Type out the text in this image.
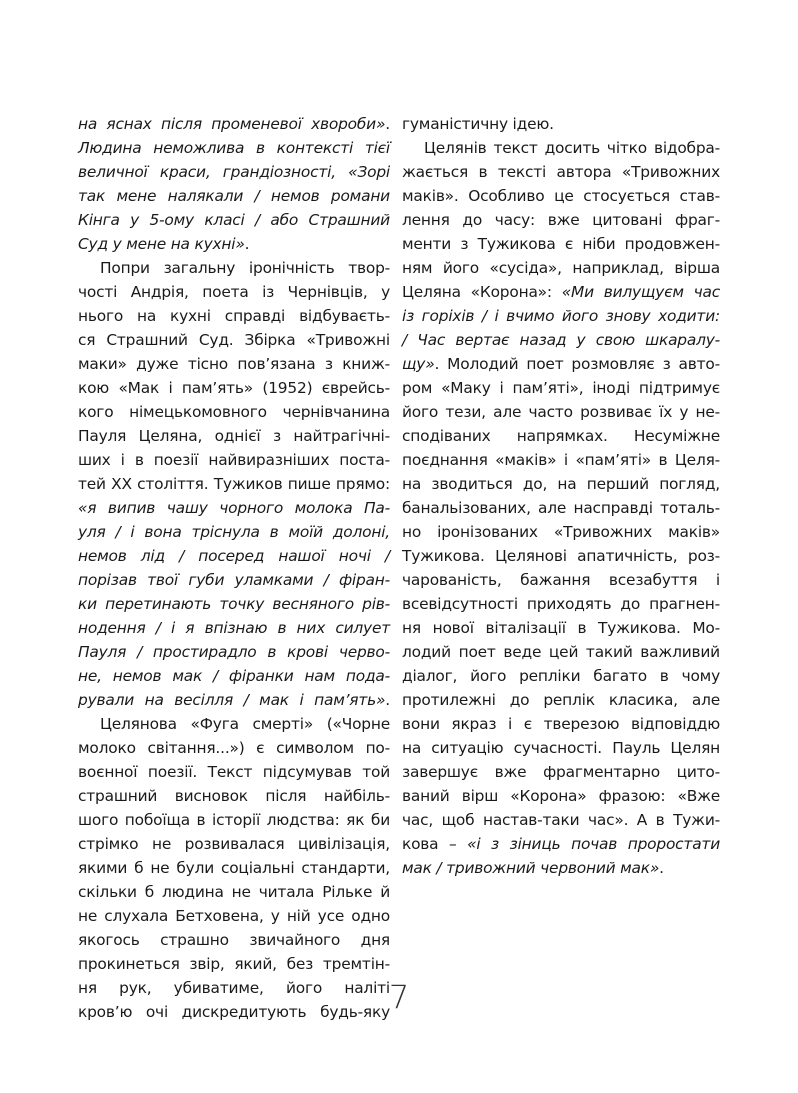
на яснах після променевої хвороби».
Людина неможлива в контексті тієї
величної краси, грандіозності, «Зорі
так мене налякали / немов романи
Кінга у 5-ому класі / або Страшний
Суд у мене на кухні».
Попри загальну іронічність твор-
чості Андрія, поета із Чернівців, у
нього на кухні справді відбуваєть-
ся Страшний Суд. Збірка «Тривожні
маки» дуже тісно пов’язана з книж-
кою «Мак і пам’ять» (1952) єврейсь-
кого німецькомовного чернівчанина
Пауля Целяна, однієї з найтрагічні-
ших і в поезії найвиразніших поста-
тей ХХ століття. Тужиков пише прямо:
«я випив чашу чорного молока Па-
уля / і вона тріснула в моїй долоні,
немов лід / посеред нашої ночі /
порізав твої губи уламками / фіран-
ки перетинають точку весняного рів-
нодення / і я впізнаю в них силует
Пауля / простирадло в крові черво-
не, немов мак / фіранки нам пода-
рували на весілля / мак і пам’ять».
Целянова «Фуга смерті» («Чорне
молоко світання...») є символом по-
воєнної поезії. Текст підсумував той
страшний висновок після найбіль-
шого побоїща в історії людства: як би
стрімко не розвивалася цивілізація,
якими б не були соціальні стандарти,
скільки б людина не читала Рільке й
не слухала Бетховена, у ній усе одно
якогось страшно звичайного дня
прокинеться звір, який, без тремтін-
ня рук, убиватиме, його наліті
кров’ю очі дискредитують будь-яку
гуманістичну ідею.
Целянів текст досить чітко відобра-
жається в тексті автора «Тривожних
маків». Особливо це стосується став-
лення до часу: вже цитовані фраг-
менти з Тужикова є ніби продовжен-
ням його «сусіда», наприклад, вірша
Целяна «Корона»: «Ми вилущуєм час
із горіхів / і вчимо його знову ходити:
/ Час вертає назад у свою шкаралу-
щу». Молодий поет розмовляє з авто-
ром «Маку і пам’яті», іноді підтримує
його тези, але часто розвиває їх у не-
сподіваних напрямках. Несуміжне
поєднання «маків» і «пам’яті» в Целя-
на зводиться до, на перший погляд,
банальізованих, але насправді тоталь-
но іронізованих «Тривожних маків»
Тужикова. Целянові апатичність, роз-
чарованість, бажання всезабуття і
всевідсутності приходять до прагнен-
ня нової віталізації в Тужикова. Мо-
лодий поет веде цей такий важливий
діалог, його репліки багато в чому
протилежні до реплік класика, але
вони якраз і є тверезою відповіддю
на ситуацію сучасності. Пауль Целян
завершує вже фрагментарно цито-
ваний вірш «Корона» фразою: «Вже
час, щоб настав-таки час». А в Тужи-
кова – «і з зіниць почав проростати
мак / тривожний червоний мак».
7
